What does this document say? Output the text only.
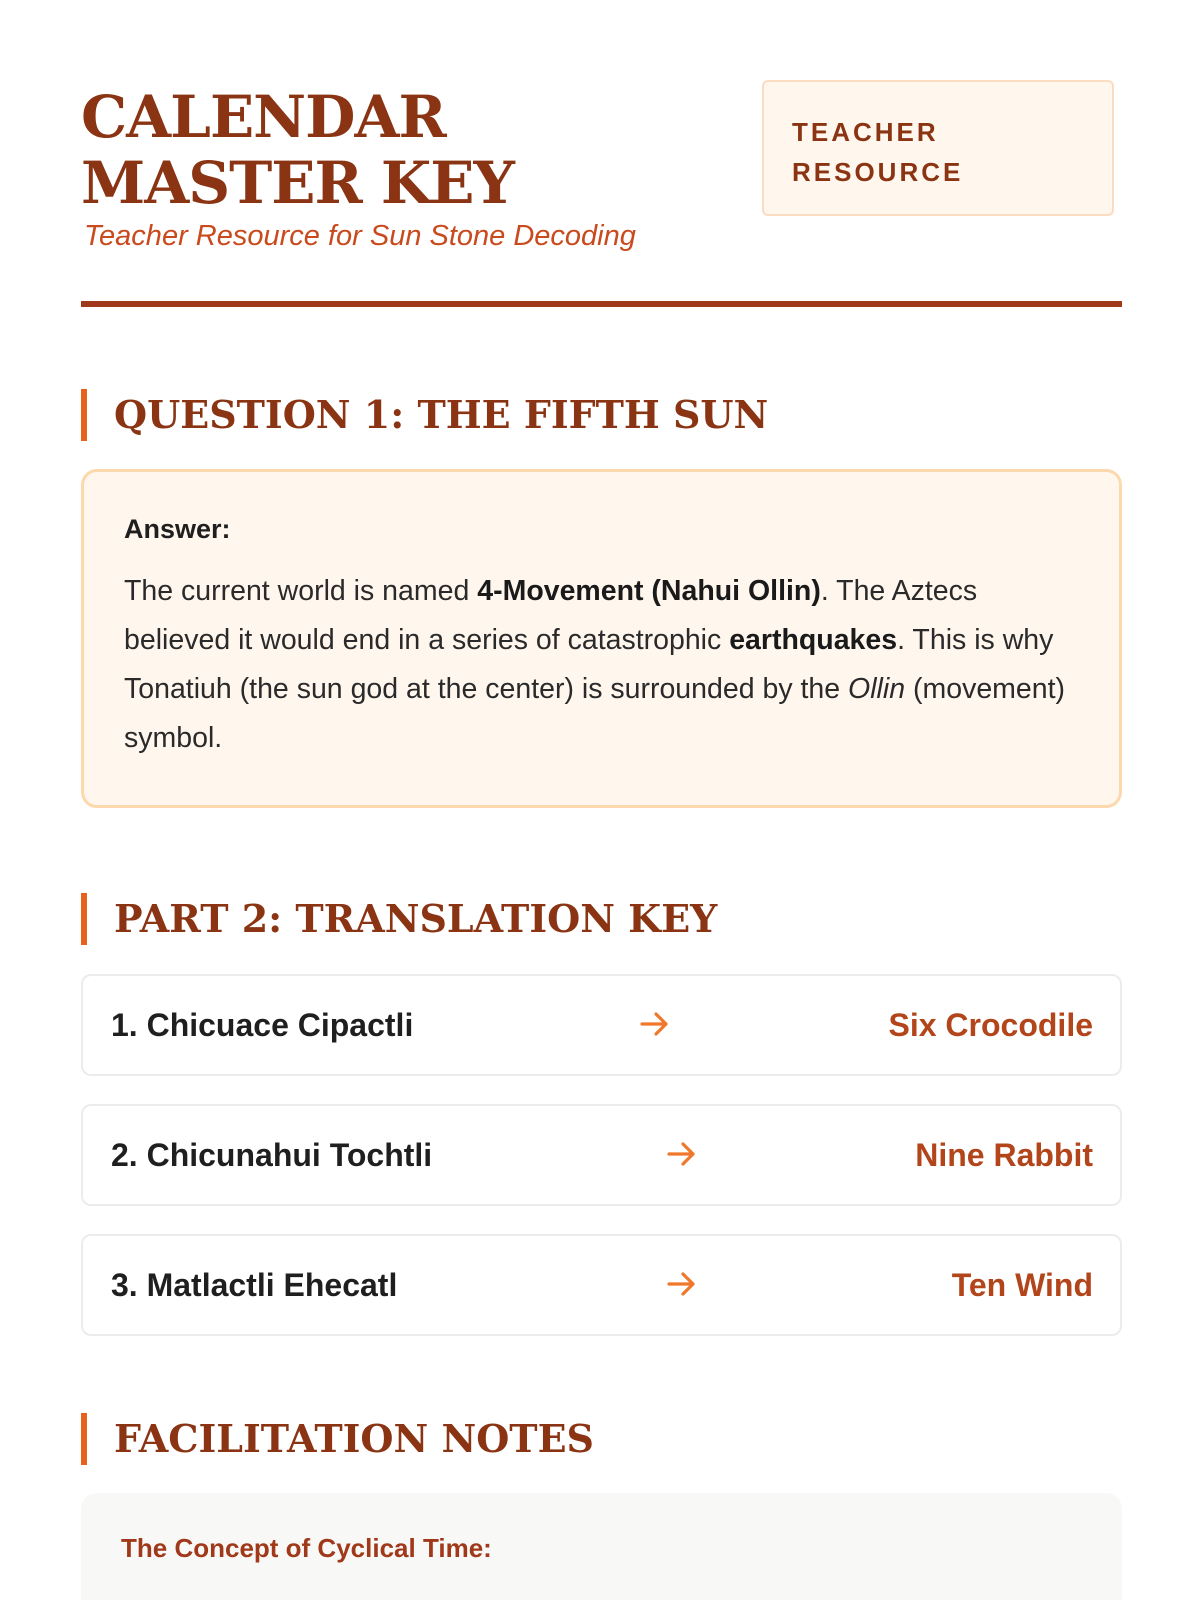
CALENDAR MASTER KEY

Teacher Resource for Sun Stone Decoding

TEACHER
RESOURCE
QUESTION 1: THE FIFTH SUN

Answer:

The current world is named 4-Movement (Nahui Ollin). The Aztecs believed it would end in a series of catastrophic earthquakes. This is why Tonatiuh (the sun god at the center) is surrounded by the Ollin (movement) symbol.

PART 2: TRANSLATION KEY
1. Chicuace Cipactli	Six Crocodile
2. Chicunahui Tochtli	Nine Rabbit
3. Matlactli Ehecatl	Ten Wind
FACILITATION NOTES

The Concept of Cyclical Time:
